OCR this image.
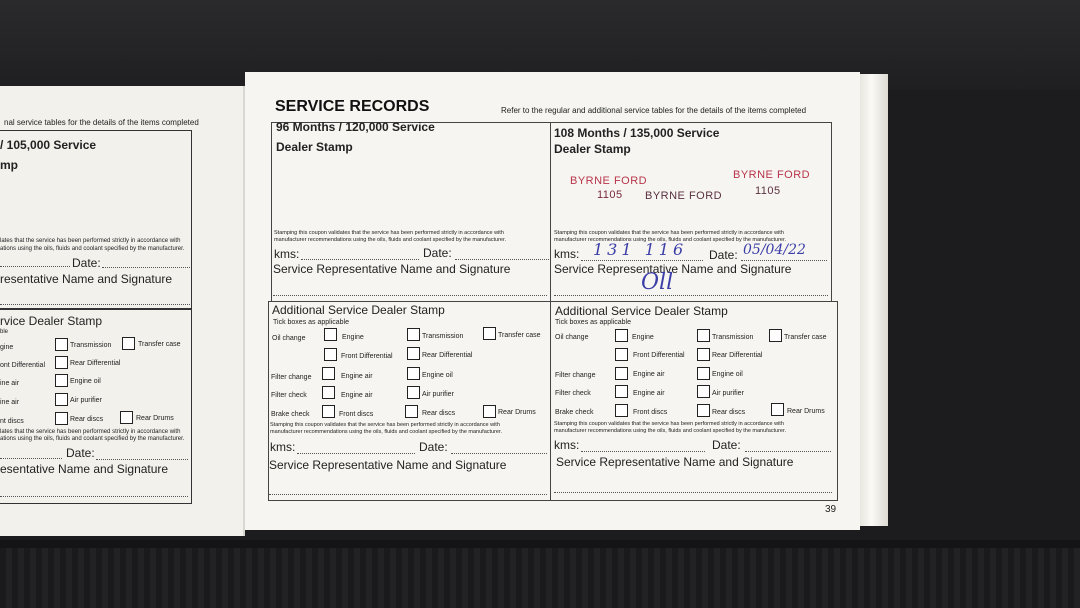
nal service tables for the details of the items completed
/ 105,000 Service
mp
lates that the service has been performed strictly in accordance with
ations using the oils, fluids and coolant specified by the manufacturer.
Date:
resentative Name and Signature
rvice Dealer Stamp
ble
gine	Transmission	Transfer case
ont Differential	Rear Differential
ine air	Engine oil
ine air	Air purifier
nt discs	Rear discs	Rear Drums
lates that the service has been performed strictly in accordance with
ations using the oils, fluids and coolant specified by the manufacturer.
Date:
esentative Name and Signature
SERVICE RECORDS	Refer to the regular and additional service tables for the details of the items completed
96 Months / 120,000 Service
Dealer Stamp
Stamping this coupon validates that the service has been performed strictly in accordance with
manufacturer recommendations using the oils, fluids and coolant specified by the manufacturer.
kms:	Date:
Service Representative Name and Signature
108 Months / 135,000 Service
Dealer Stamp
BYRNE FORD
1105 BYRNE FORD
BYRNE FORD
1105
Stamping this coupon validates that the service has been performed strictly in accordance with
manufacturer recommendations using the oils, fluids and coolant specified by the manufacturer.
kms: 131 116 Date: 05/04/22
Service Representative Name and Signature
Oll
Additional Service Dealer Stamp
Tick boxes as applicable
Oil change	Engine	Transmission	Transfer case
Front Differential	Rear Differential
Filter change	Engine air	Engine oil
Filter check	Engine air	Air purifier
Brake check	Front discs	Rear discs	Rear Drums
Stamping this coupon validates that the service has been performed strictly in accordance with
manufacturer recommendations using the oils, fluids and coolant specified by the manufacturer.
kms:	Date:
Service Representative Name and Signature
Additional Service Dealer Stamp
Tick boxes as applicable
Oil change	Engine	Transmission	Transfer case
Front Differential	Rear Differential
Filter change	Engine air	Engine oil
Filter check	Engine air	Air purifier
Brake check	Front discs	Rear discs	Rear Drums
Stamping this coupon validates that the service has been performed strictly in accordance with
manufacturer recommendations using the oils, fluids and coolant specified by the manufacturer.
kms:	Date:
Service Representative Name and Signature
39
